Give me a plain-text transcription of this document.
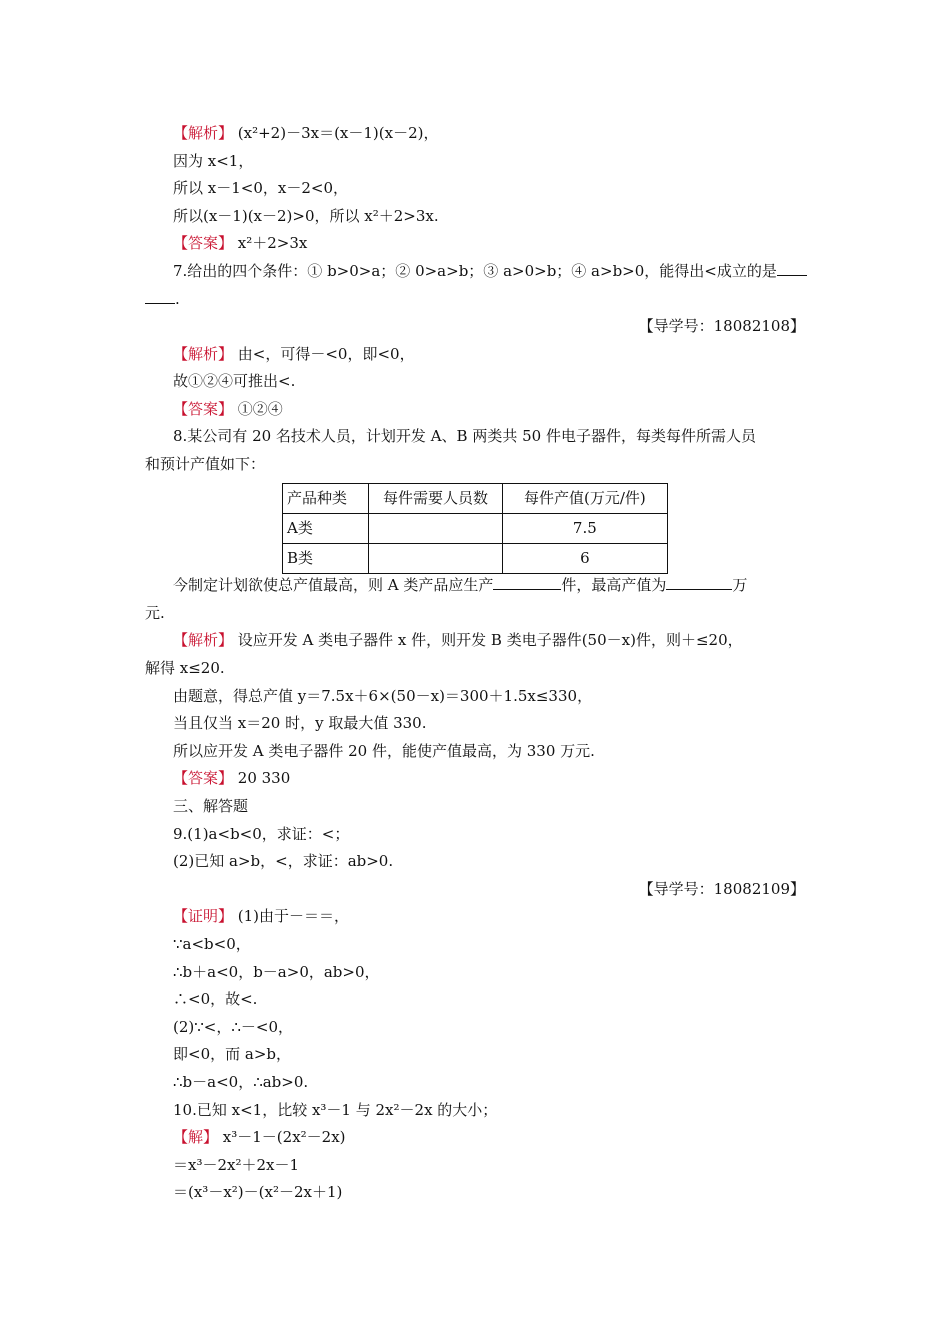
【解析】 (x²+2)－3x＝(x－1)(x－2)，
因为 x<1，
所以 x－1<0，x－2<0，
所以(x－1)(x－2)>0，所以 x²＋2>3x.
【答案】 x²＋2>3x
7.给出的四个条件：① b>0>a；② 0>a>b；③ a>0>b；④ a>b>0，能得出<成立的是
.
【导学号：18082108】
【解析】 由<，可得－<0，即<0，
故①②④可推出<.
【答案】 ①②④
8.某公司有 20 名技术人员，计划开发 A、B 两类共 50 件电子器件，每类每件所需人员
和预计产值如下：
产品种类	每件需要人员数	每件产值(万元/件)
A类		7.5
B类		6
今制定计划欲使总产值最高，则 A 类产品应生产	件，最高产值为	万
元.
【解析】 设应开发 A 类电子器件 x 件，则开发 B 类电子器件(50－x)件，则＋≤20，
解得 x≤20.
由题意，得总产值 y＝7.5x＋6×(50－x)＝300＋1.5x≤330，
当且仅当 x＝20 时，y 取最大值 330.
所以应开发 A 类电子器件 20 件，能使产值最高，为 330 万元.
【答案】 20 330
三、解答题
9.(1)a<b<0，求证：<；
(2)已知 a>b，<，求证：ab>0.
【导学号：18082109】
【证明】 (1)由于－＝＝，
∵a<b<0，
∴b＋a<0，b－a>0，ab>0，
∴<0，故<.
(2)∵<，∴－<0，
即<0，而 a>b，
∴b－a<0，∴ab>0.
10.已知 x<1，比较 x³－1 与 2x²－2x 的大小；
【解】 x³－1－(2x²－2x)
＝x³－2x²＋2x－1
＝(x³－x²)－(x²－2x＋1)
